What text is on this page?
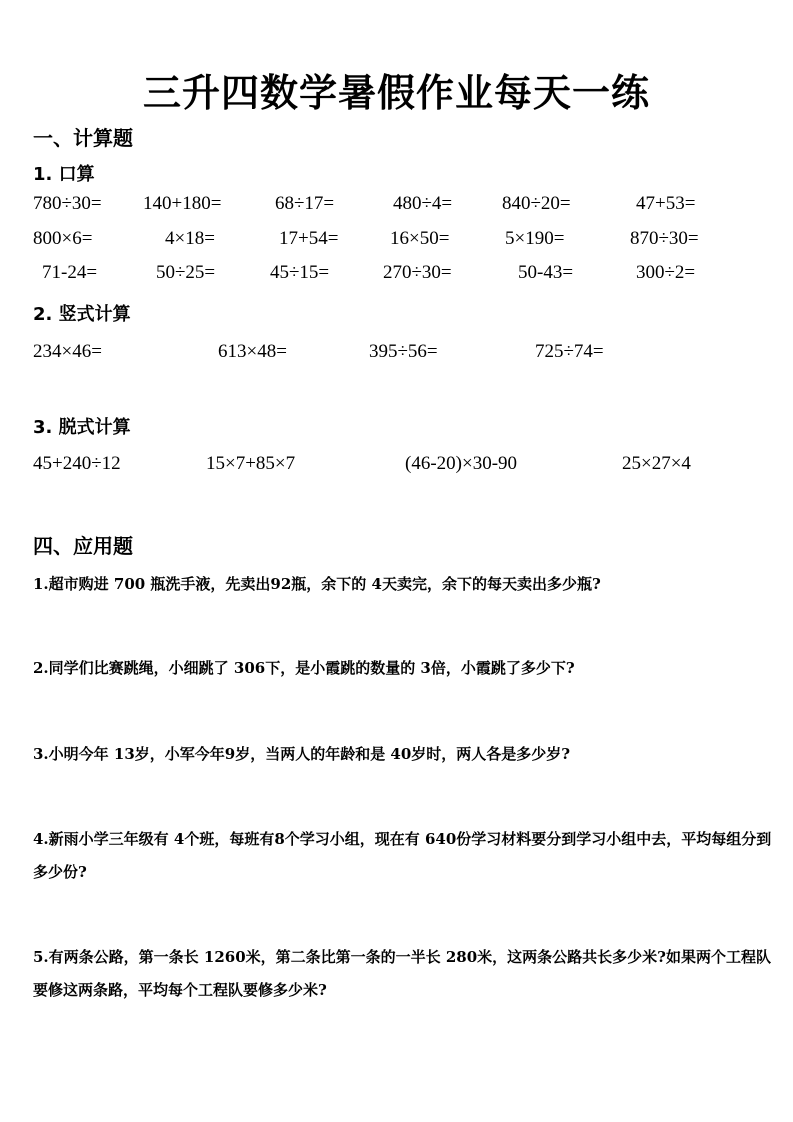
三升四数学暑假作业每天一练
一、计算题
1. 口算
780÷30= 140+180=	68÷17=	480÷4=	840÷20=	47+53=
800×6=	4×18=	17+54=	16×50=	5×190=	870÷30=
71-24=	50÷25=	45÷15=	270÷30=	50-43=	300÷2=
2. 竖式计算
234×46=	613×48=	395÷56=	725÷74=
3. 脱式计算
45+240÷12	15×7+85×7	(46-20)×30-90	25×27×4
四、应用题
1.超市购进 700 瓶洗手液，先卖出92瓶，余下的 4天卖完，余下的每天卖出多少瓶?
2.同学们比赛跳绳，小细跳了 306下，是小霞跳的数量的 3倍，小霞跳了多少下?
3.小明今年 13岁，小军今年9岁，当两人的年龄和是 40岁时，两人各是多少岁?
4.新雨小学三年级有 4个班，每班有8个学习小组，现在有 640份学习材料要分到学习小组中去，平均每组分到多少份?
5.有两条公路，第一条长 1260米，第二条比第一条的一半长 280米，这两条公路共长多少米?如果两个工程队要修这两条路，平均每个工程队要修多少米?
